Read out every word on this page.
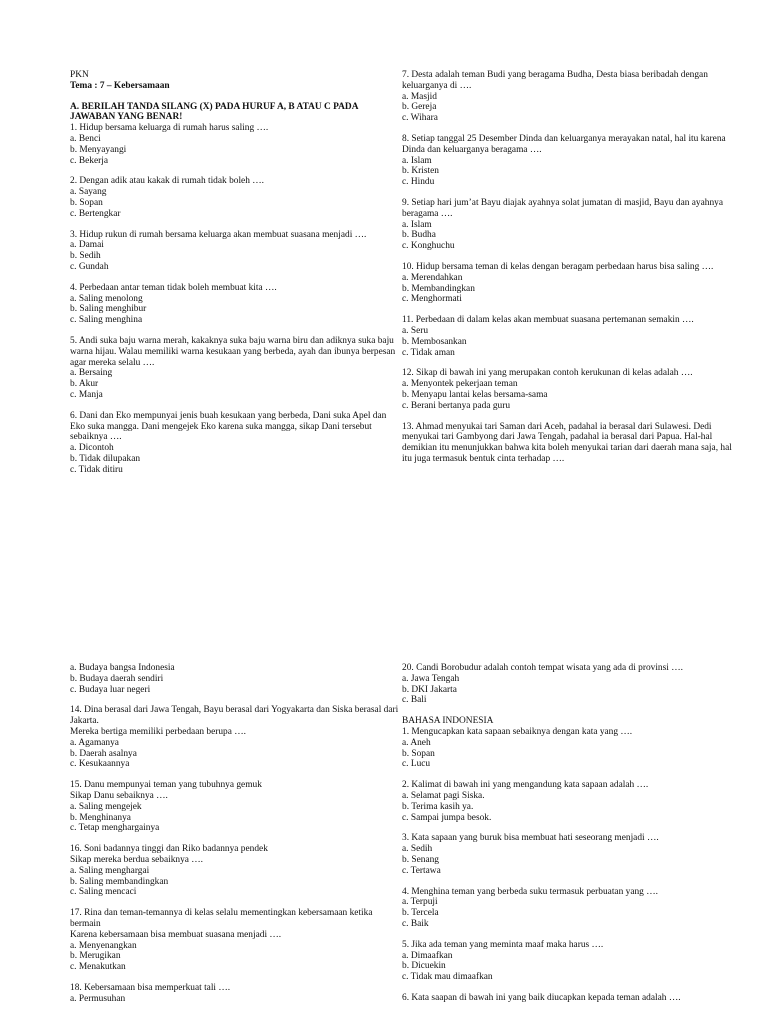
PKN
Tema : 7 – Kebersamaan
A. BERILAH TANDA SILANG (X) PADA HURUF A, B ATAU C PADA JAWABAN YANG BENAR!
1. Hidup bersama keluarga di rumah harus saling ….
a. Benci
b. Menyayangi
c. Bekerja
2. Dengan adik atau kakak di rumah tidak boleh ….
a. Sayang
b. Sopan
c. Bertengkar
3. Hidup rukun di rumah bersama keluarga akan membuat suasana menjadi ….
a. Damai
b. Sedih
c. Gundah
4. Perbedaan antar teman tidak boleh membuat kita ….
a. Saling menolong
b. Saling menghibur
c. Saling menghina
5. Andi suka baju warna merah, kakaknya suka baju warna biru dan adiknya suka baju warna hijau. Walau memiliki warna kesukaan yang berbeda, ayah dan ibunya berpesan agar mereka selalu ….
a. Bersaing
b. Akur
c. Manja
6. Dani dan Eko mempunyai jenis buah kesukaan yang berbeda, Dani suka Apel dan Eko suka mangga. Dani mengejek Eko karena suka mangga, sikap Dani tersebut sebaiknya ….
a. Dicontoh
b. Tidak dilupakan
c. Tidak ditiru
7. Desta adalah teman Budi yang beragama Budha, Desta biasa beribadah dengan keluarganya di ….
a. Masjid
b. Gereja
c. Wihara
8. Setiap tanggal 25 Desember Dinda dan keluarganya merayakan natal, hal itu karena Dinda dan keluarganya beragama ….
a. Islam
b. Kristen
c. Hindu
9. Setiap hari jum’at Bayu diajak ayahnya solat jumatan di masjid, Bayu dan ayahnya beragama ….
a. Islam
b. Budha
c. Konghuchu
10. Hidup bersama teman di kelas dengan beragam perbedaan harus bisa saling ….
a. Merendahkan
b. Membandingkan
c. Menghormati
11. Perbedaan di dalam kelas akan membuat suasana pertemanan semakin ….
a. Seru
b. Membosankan
c. Tidak aman
12. Sikap di bawah ini yang merupakan contoh kerukunan di kelas adalah ….
a. Menyontek pekerjaan teman
b. Menyapu lantai kelas bersama-sama
c. Berani bertanya pada guru
13. Ahmad menyukai tari Saman dari Aceh, padahal ia berasal dari Sulawesi. Dedi menyukai tari Gambyong dari Jawa Tengah, padahal ia berasal dari Papua. Hal-hal demikian itu menunjukkan bahwa kita boleh menyukai tarian dari daerah mana saja, hal itu juga termasuk bentuk cinta terhadap ….
a. Budaya bangsa Indonesia
b. Budaya daerah sendiri
c. Budaya luar negeri
14. Dina berasal dari Jawa Tengah, Bayu berasal dari Yogyakarta dan Siska berasal dari Jakarta.
Mereka bertiga memiliki perbedaan berupa ….
a. Agamanya
b. Daerah asalnya
c. Kesukaannya
15. Danu mempunyai teman yang tubuhnya gemuk
Sikap Danu sebaiknya ….
a. Saling mengejek
b. Menghinanya
c. Tetap menghargainya
16. Soni badannya tinggi dan Riko badannya pendek
Sikap mereka berdua sebaiknya ….
a. Saling menghargai
b. Saling membandingkan
c. Saling mencaci
17. Rina dan teman-temannya di kelas selalu mementingkan kebersamaan ketika bermain
Karena kebersamaan bisa membuat suasana menjadi ….
a. Menyenangkan
b. Merugikan
c. Menakutkan
18. Kebersamaan bisa memperkuat tali ….
a. Permusuhan
20. Candi Borobudur adalah contoh tempat wisata yang ada di provinsi ….
a. Jawa Tengah
b. DKI Jakarta
c. Bali
BAHASA INDONESIA
1. Mengucapkan kata sapaan sebaiknya dengan kata yang ….
a. Aneh
b. Sopan
c. Lucu
2. Kalimat di bawah ini yang mengandung kata sapaan adalah ….
a. Selamat pagi Siska.
b. Terima kasih ya.
c. Sampai jumpa besok.
3. Kata sapaan yang buruk bisa membuat hati seseorang menjadi ….
a. Sedih
b. Senang
c. Tertawa
4. Menghina teman yang berbeda suku termasuk perbuatan yang ….
a. Terpuji
b. Tercela
c. Baik
5. Jika ada teman yang meminta maaf maka harus ….
a. Dimaafkan
b. Dicuekin
c. Tidak mau dimaafkan
6. Kata saapan di bawah ini yang baik diucapkan kepada teman adalah ….
